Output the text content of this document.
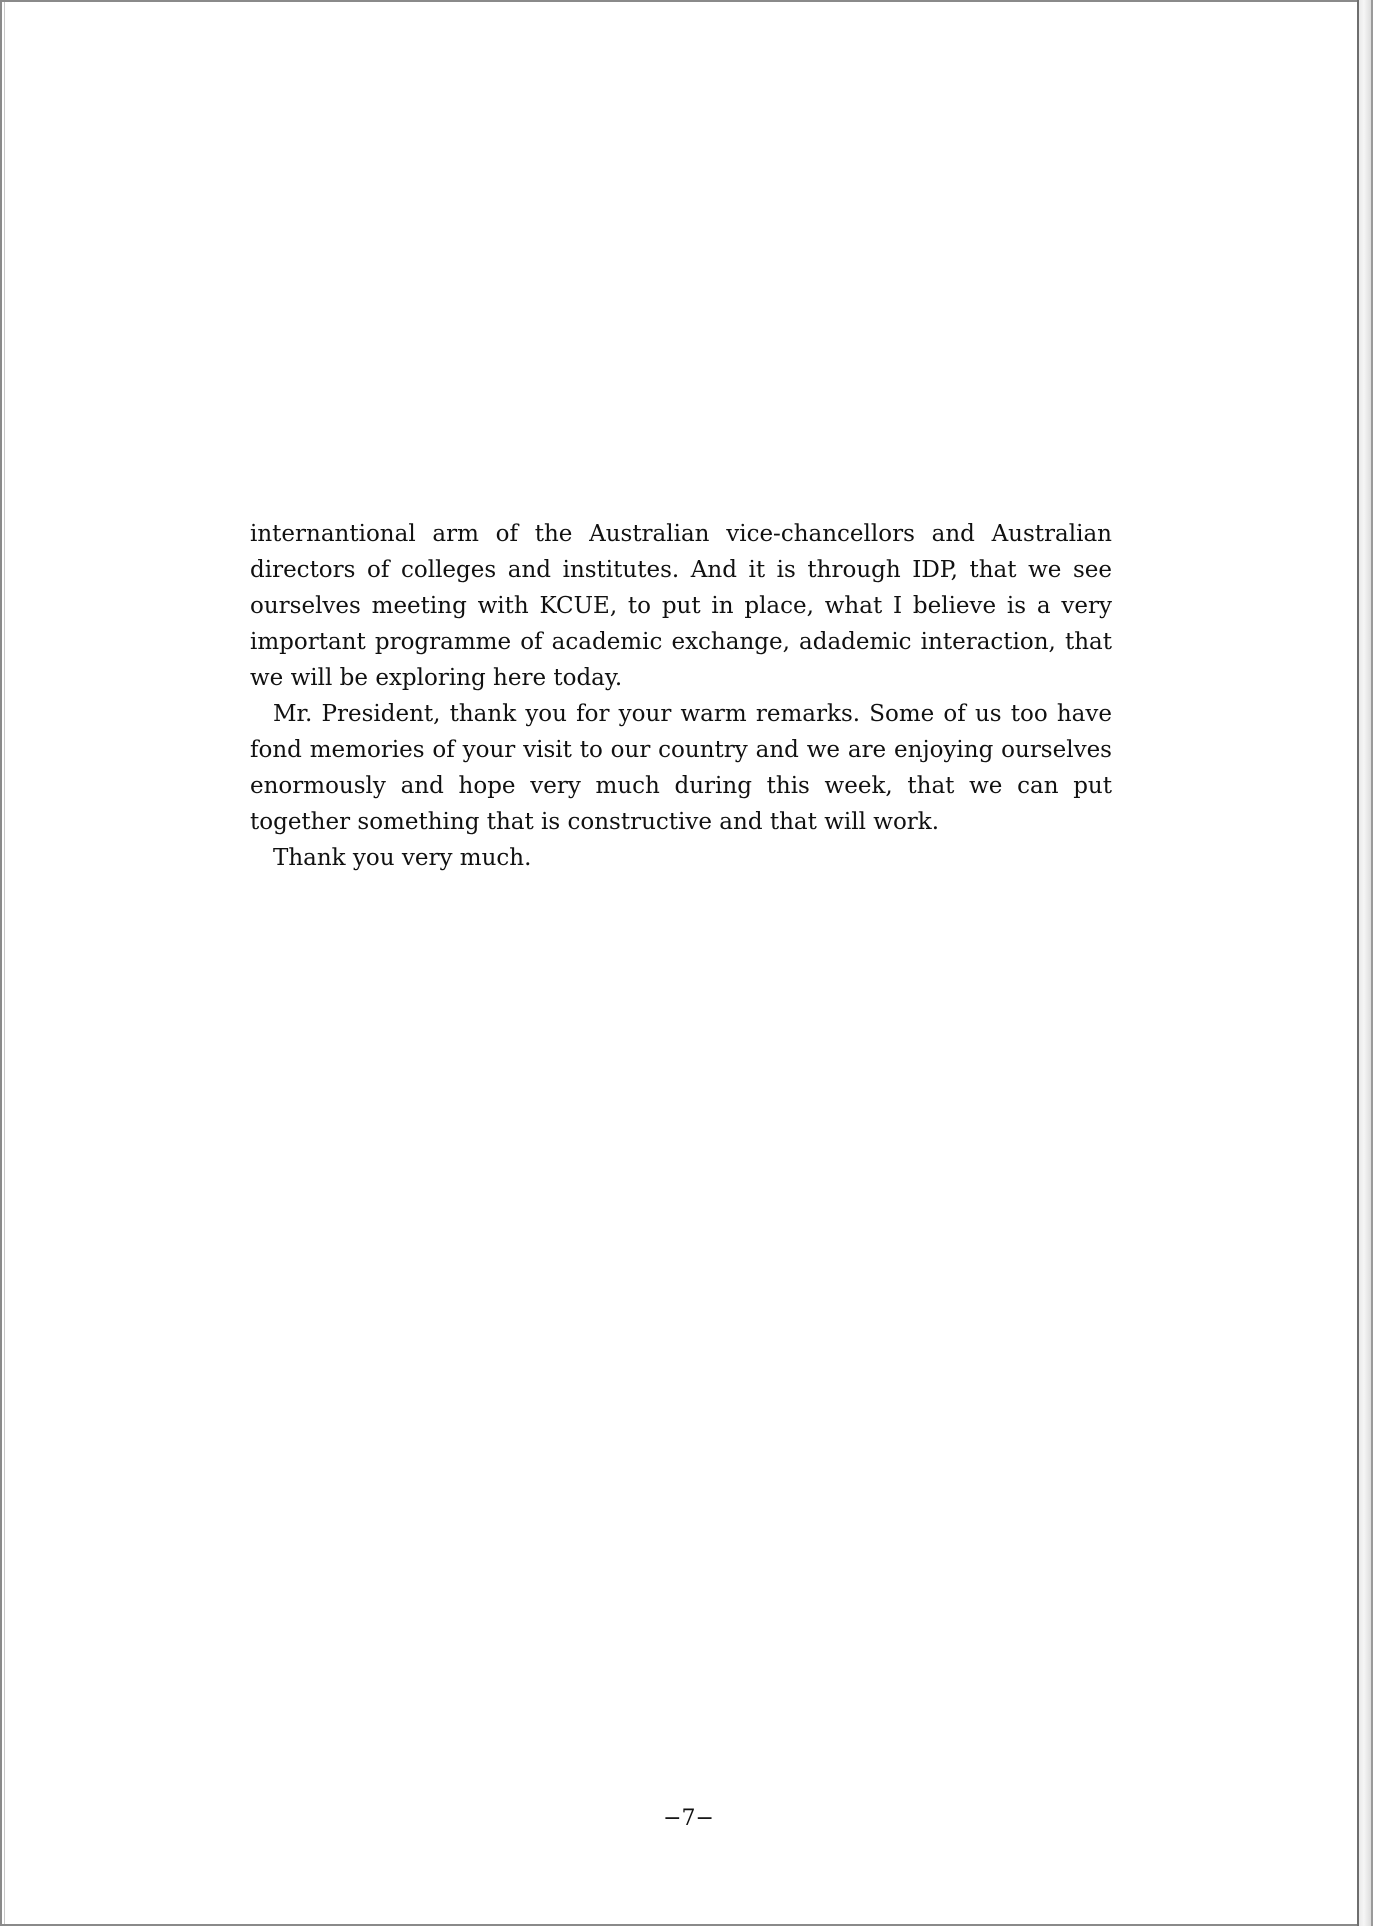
internantional arm of the Australian vice-chancellors and Australian directors of colleges and institutes. And it is through IDP, that we see ourselves meeting with KCUE, to put in place, what I believe is a very important programme of academic exchange, adademic interaction, that we will be exploring here today.

Mr. President, thank you for your warm remarks. Some of us too have fond memories of your visit to our country and we are enjoying ourselves enormously and hope very much during this week, that we can put together something that is constructive and that will work.

Thank you very much.

−7−
